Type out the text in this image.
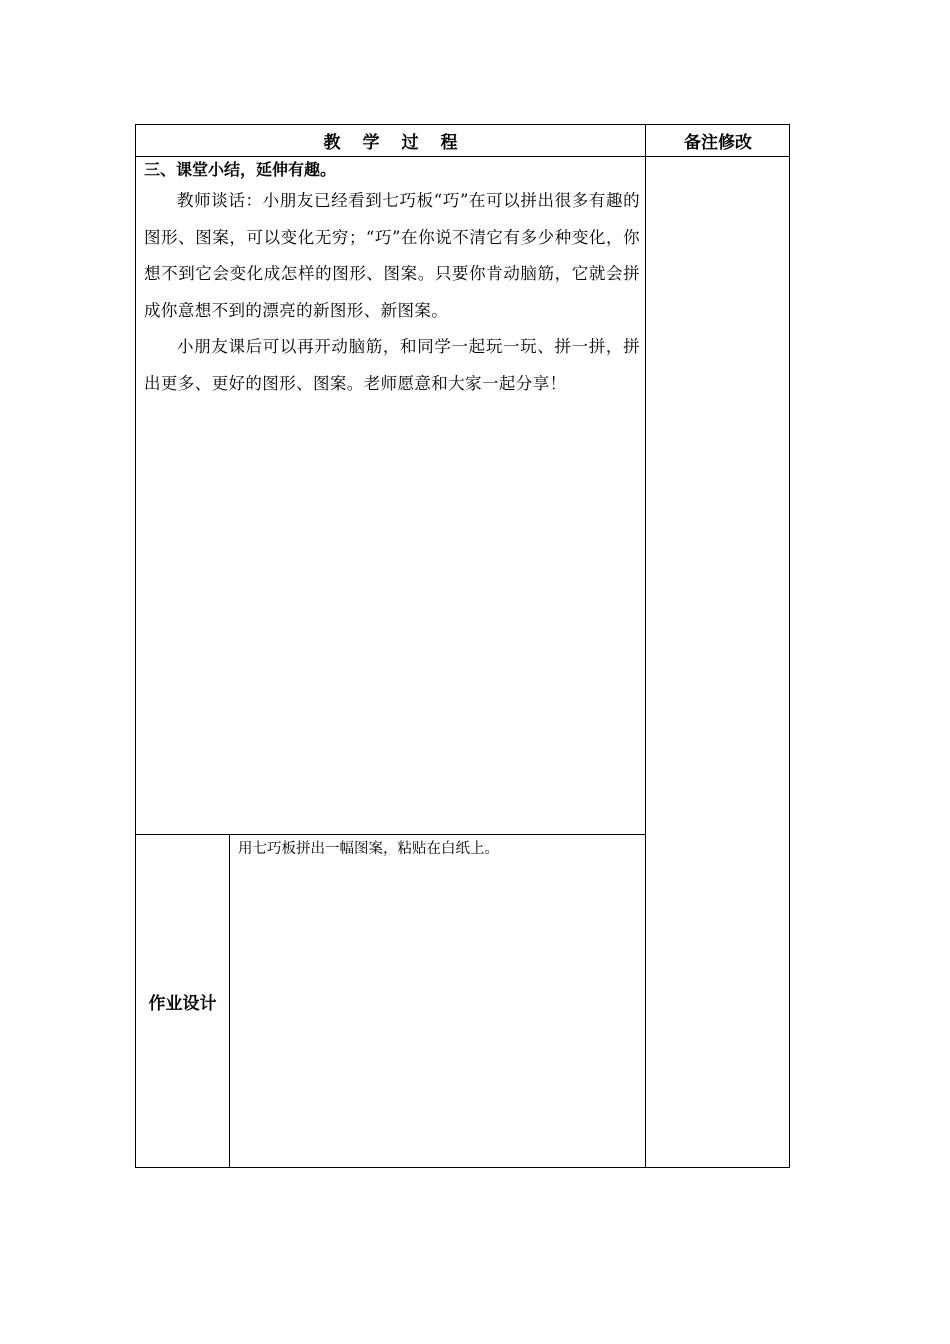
教学过程	备注修改

三、课堂小结，延伸有趣。

教师谈话：小朋友已经看到七巧板“巧”在可以拼出很多有趣的图形、图案，可以变化无穷；“巧”在你说不清它有多少种变化，你想不到它会变化成怎样的图形、图案。只要你肯动脑筋，它就会拼成你意想不到的漂亮的新图形、新图案。

小朋友课后可以再开动脑筋，和同学一起玩一玩、拼一拼，拼出更多、更好的图形、图案。老师愿意和大家一起分享！

作业设计
用七巧板拼出一幅图案，粘贴在白纸上。
